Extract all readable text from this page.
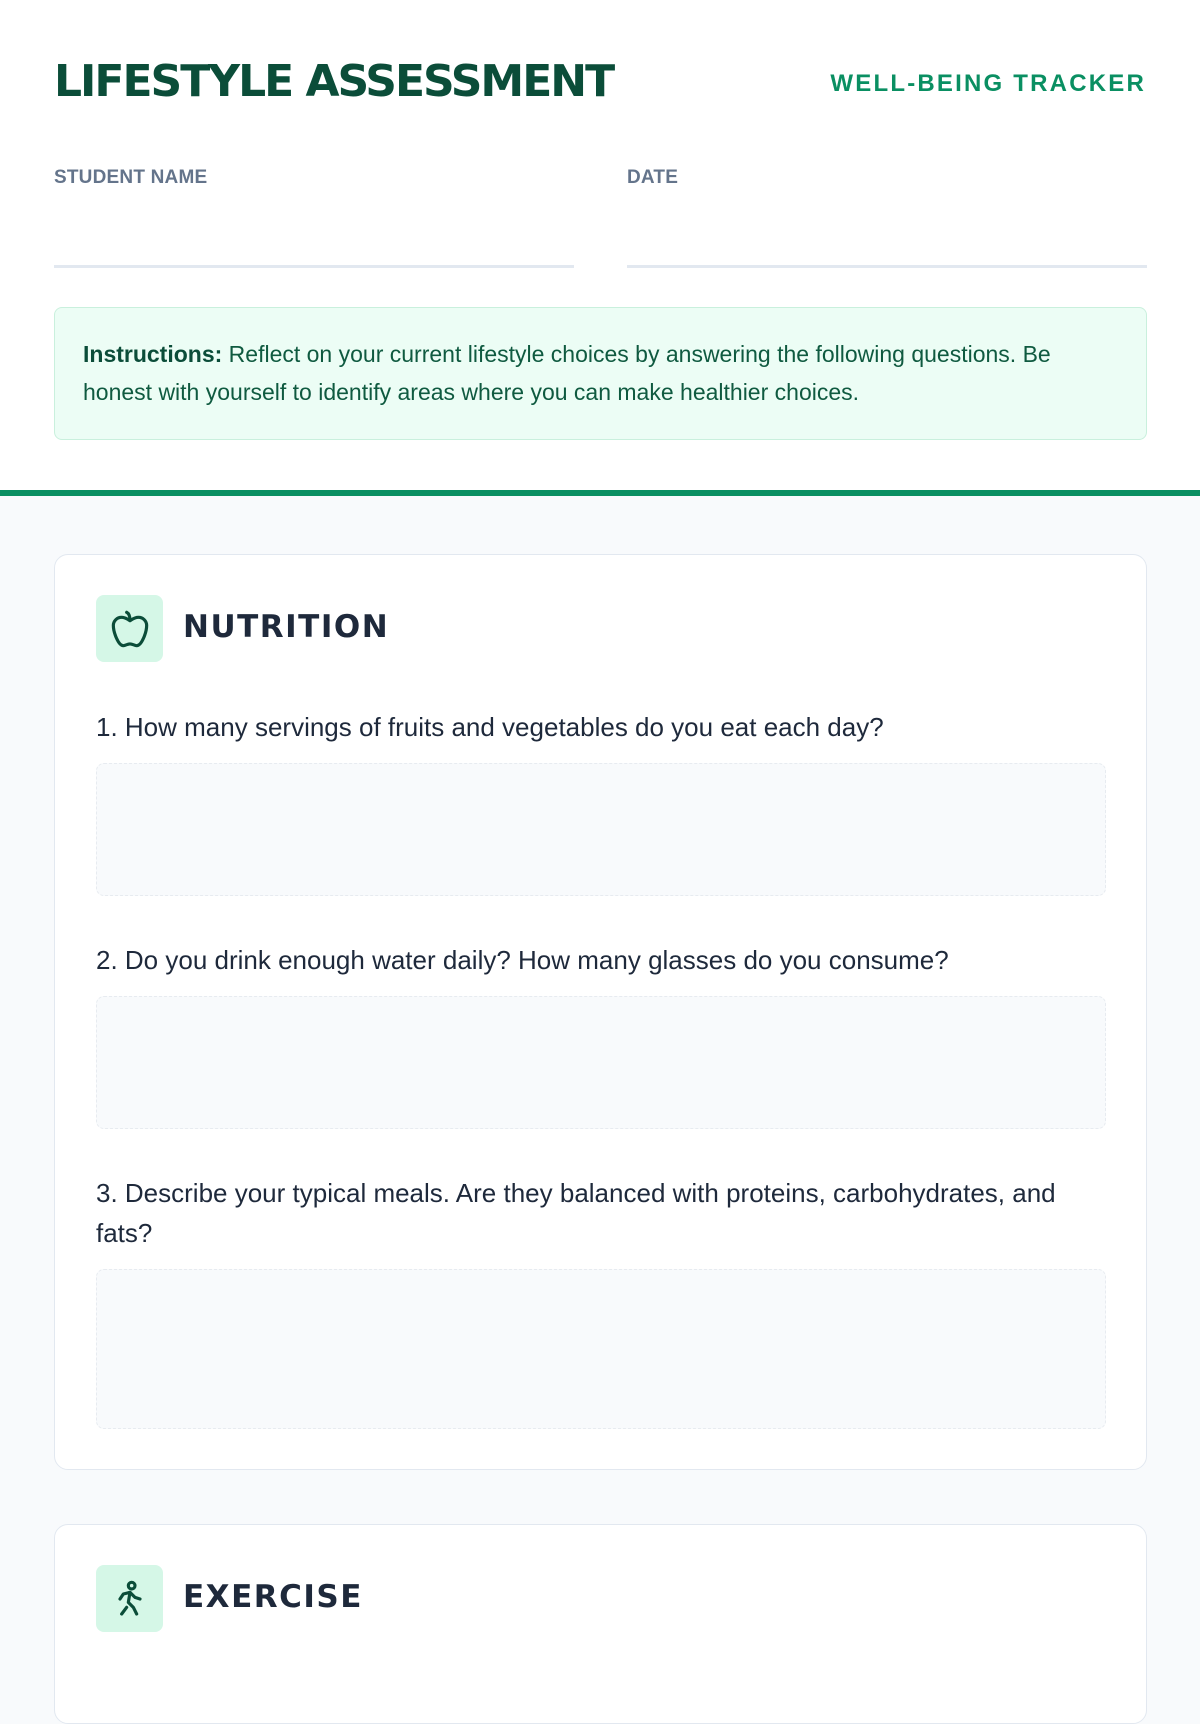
LIFESTYLE ASSESSMENT	WELL-BEING TRACKER
STUDENT NAME	DATE
Instructions: Reflect on your current lifestyle choices by answering the following questions. Be honest with yourself to identify areas where you can make healthier choices.
NUTRITION
1. How many servings of fruits and vegetables do you eat each day?
2. Do you drink enough water daily? How many glasses do you consume?
3. Describe your typical meals. Are they balanced with proteins, carbohydrates, and fats?
EXERCISE
